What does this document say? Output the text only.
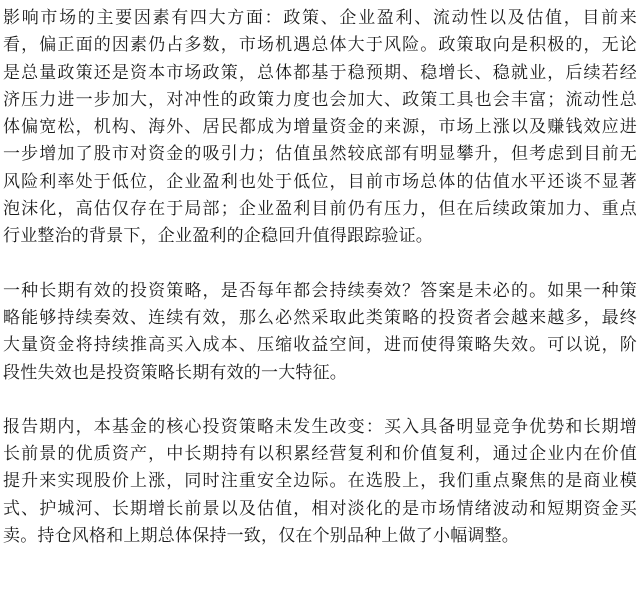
影响市场的主要因素有四大方面：政策、企业盈利、流动性以及估值，目前来
看，偏正面的因素仍占多数，市场机遇总体大于风险。政策取向是积极的，无论
是总量政策还是资本市场政策，总体都基于稳预期、稳增长、稳就业，后续若经
济压力进一步加大，对冲性的政策力度也会加大、政策工具也会丰富；流动性总
体偏宽松，机构、海外、居民都成为增量资金的来源，市场上涨以及赚钱效应进
一步增加了股市对资金的吸引力；估值虽然较底部有明显攀升，但考虑到目前无
风险利率处于低位，企业盈利也处于低位，目前市场总体的估值水平还谈不显著
泡沫化，高估仅存在于局部；企业盈利目前仍有压力，但在后续政策加力、重点
行业整治的背景下，企业盈利的企稳回升值得跟踪验证。
一种长期有效的投资策略，是否每年都会持续奏效？答案是未必的。如果一种策
略能够持续奏效、连续有效，那么必然采取此类策略的投资者会越来越多，最终
大量资金将持续推高买入成本、压缩收益空间，进而使得策略失效。可以说，阶
段性失效也是投资策略长期有效的一大特征。
报告期内，本基金的核心投资策略未发生改变：买入具备明显竞争优势和长期增
长前景的优质资产，中长期持有以积累经营复利和价值复利，通过企业内在价值
提升来实现股价上涨，同时注重安全边际。在选股上，我们重点聚焦的是商业模
式、护城河、长期增长前景以及估值，相对淡化的是市场情绪波动和短期资金买
卖。持仓风格和上期总体保持一致，仅在个别品种上做了小幅调整。
